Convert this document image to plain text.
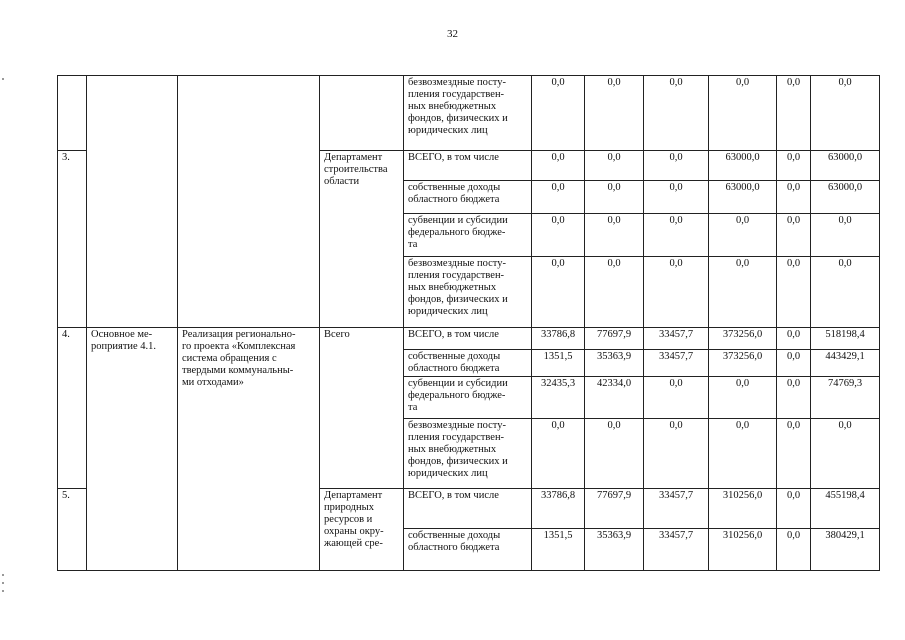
32

				безвозмездные посту-
пления государствен-
ных внебюджетных
фондов, физических и
юридических лиц	0,0	0,0	0,0	0,0	0,0	0,0
3.			Департамент
строительства
области	ВСЕГО, в том числе	0,0	0,0	0,0	63000,0	0,0	63000,0

				собственные доходы
областного бюджета	0,0	0,0	0,0	63000,0	0,0	63000,0

				субвенции и субсидии
федерального бюдже-
та	0,0	0,0	0,0	0,0	0,0	0,0

				безвозмездные посту-
пления государствен-
ных внебюджетных
фондов, физических и
юридических лиц	0,0	0,0	0,0	0,0	0,0	0,0
4.	Основное ме-
роприятие 4.1.	Реализация регионально-
го проекта «Комплексная
система обращения с
твердыми коммунальны-
ми отходами»	Всего	ВСЕГО, в том числе	33786,8	77697,9	33457,7	373256,0	0,0	518198,4

				собственные доходы
областного бюджета	1351,5	35363,9	33457,7	373256,0	0,0	443429,1

				субвенции и субсидии
федерального бюдже-
та	32435,3	42334,0	0,0	0,0	0,0	74769,3

				безвозмездные посту-
пления государствен-
ных внебюджетных
фондов, физических и
юридических лиц	0,0	0,0	0,0	0,0	0,0	0,0
5.			Департамент
природных
ресурсов и
охраны окру-
жающей сре-	ВСЕГО, в том числе	33786,8	77697,9	33457,7	310256,0	0,0	455198,4

				собственные доходы
областного бюджета	1351,5	35363,9	33457,7	310256,0	0,0	380429,1
